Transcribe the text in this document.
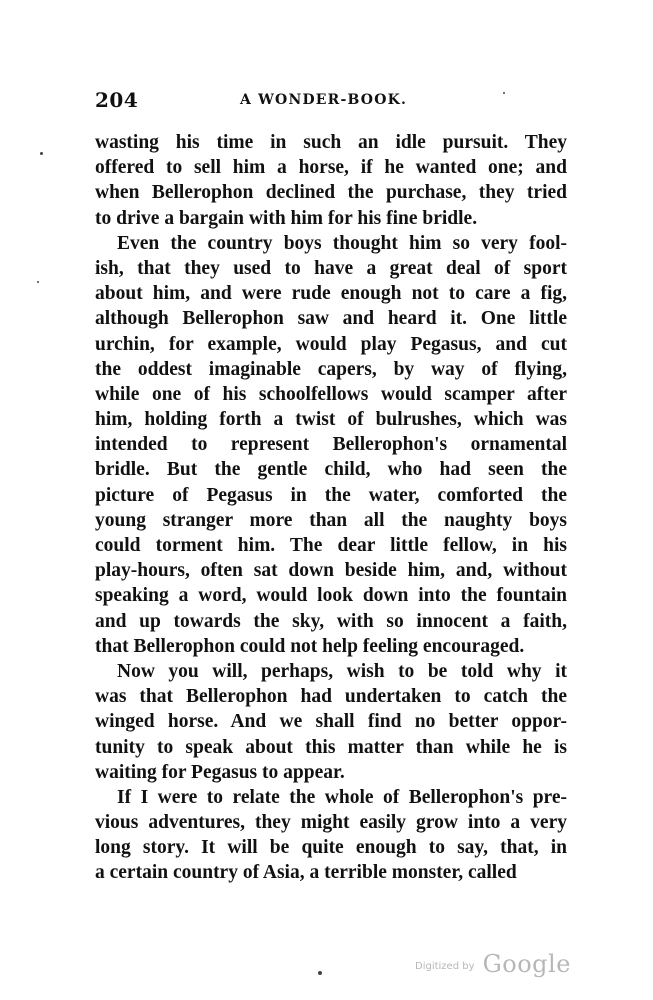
204	A WONDER-BOOK.
wasting his time in such an idle pursuit. They
offered to sell him a horse, if he wanted one; and
when Bellerophon declined the purchase, they tried
to drive a bargain with him for his fine bridle.
Even the country boys thought him so very fool-
ish, that they used to have a great deal of sport
about him, and were rude enough not to care a fig,
although Bellerophon saw and heard it. One little
urchin, for example, would play Pegasus, and cut
the oddest imaginable capers, by way of flying,
while one of his schoolfellows would scamper after
him, holding forth a twist of bulrushes, which was
intended to represent Bellerophon's ornamental
bridle. But the gentle child, who had seen the
picture of Pegasus in the water, comforted the
young stranger more than all the naughty boys
could torment him. The dear little fellow, in his
play-hours, often sat down beside him, and, without
speaking a word, would look down into the fountain
and up towards the sky, with so innocent a faith,
that Bellerophon could not help feeling encouraged.
Now you will, perhaps, wish to be told why it
was that Bellerophon had undertaken to catch the
winged horse. And we shall find no better oppor-
tunity to speak about this matter than while he is
waiting for Pegasus to appear.
If I were to relate the whole of Bellerophon's pre-
vious adventures, they might easily grow into a very
long story. It will be quite enough to say, that, in
a certain country of Asia, a terrible monster, called
Digitized by Google
